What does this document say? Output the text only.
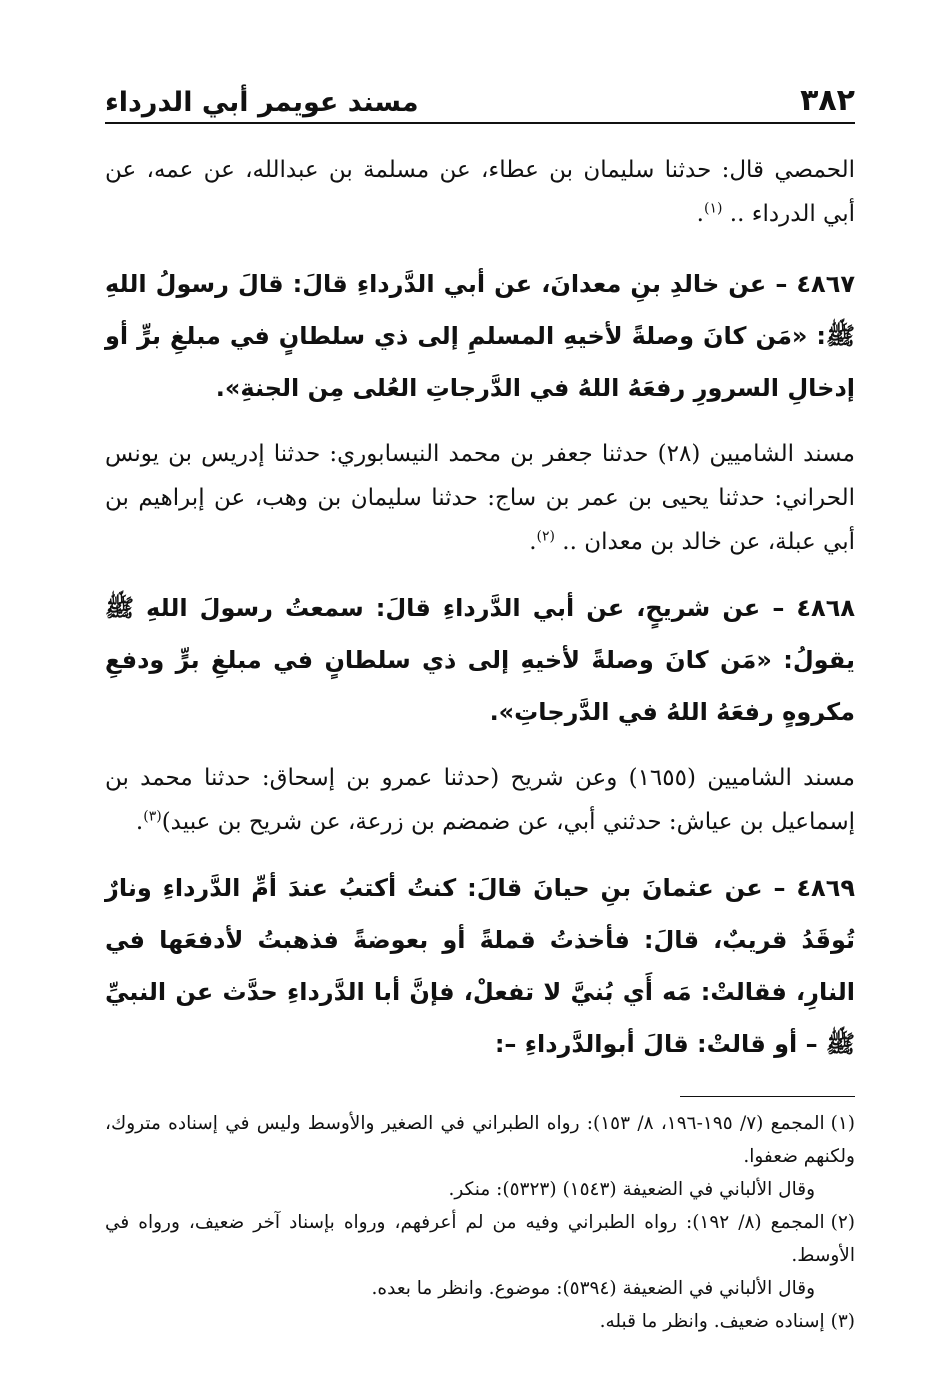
٣٨٢
مسند عويمر أبي الدرداء

الحمصي قال: حدثنا سليمان بن عطاء، عن مسلمة بن عبدالله، عن عمه، عن أبي الدرداء .. $^{(١)}$.

٤٨٦٧ – عن خالدِ بنِ معدانَ، عن أبي الدَّرداءِ قالَ: قالَ رسولُ اللهِ ﷺ: «مَن كانَ وصلةً لأخيهِ المسلمِ إلى ذي سلطانٍ في مبلغِ برٍّ أو إدخالِ السرورِ رفعَهُ اللهُ في الدَّرجاتِ العُلى مِن الجنةِ».

مسند الشاميين (٢٨) حدثنا جعفر بن محمد النيسابوري: حدثنا إدريس بن يونس الحراني: حدثنا يحيى بن عمر بن ساج: حدثنا سليمان بن وهب، عن إبراهيم بن أبي عبلة، عن خالد بن معدان .. $^{(٢)}$.

٤٨٦٨ – عن شريحٍ، عن أبي الدَّرداءِ قالَ: سمعتُ رسولَ اللهِ ﷺ يقولُ: «مَن كانَ وصلةً لأخيهِ إلى ذي سلطانٍ في مبلغِ برٍّ ودفعِ مكروهٍ رفعَهُ اللهُ في الدَّرجاتِ».

مسند الشاميين (١٦٥٥) وعن شريح (حدثنا عمرو بن إسحاق: حدثنا محمد بن إسماعيل بن عياش: حدثني أبي، عن ضمضم بن زرعة، عن شريح بن عبيد)$^{(٣)}$.

٤٨٦٩ – عن عثمانَ بنِ حيانَ قالَ: كنتُ أكتبُ عندَ أمِّ الدَّرداءِ ونارٌ تُوقَدُ قريبٌ، قالَ: فأخذتُ قملةً أو بعوضةً فذهبتُ لأدفعَها في النارِ، فقالتْ: مَه أَي بُنيَّ لا تفعلْ، فإنَّ أبا الدَّرداءِ حدَّث عن النبيِّ ﷺ – أو قالتْ: قالَ أبوالدَّرداءِ –:

(١)المجمع (٧/ ١٩٥-١٩٦، ٨/ ١٥٣): رواه الطبراني في الصغير والأوسط وليس في إسناده متروك، ولكنهم ضعفوا.

وقال الألباني في الضعيفة (١٥٤٣) (٥٣٢٣): منكر.

(٢)المجمع (٨/ ١٩٢): رواه الطبراني وفيه من لم أعرفهم، ورواه بإسناد آخر ضعيف، ورواه في الأوسط.

وقال الألباني في الضعيفة (٥٣٩٤): موضوع. وانظر ما بعده.

(٣)إسناده ضعيف. وانظر ما قبله.
